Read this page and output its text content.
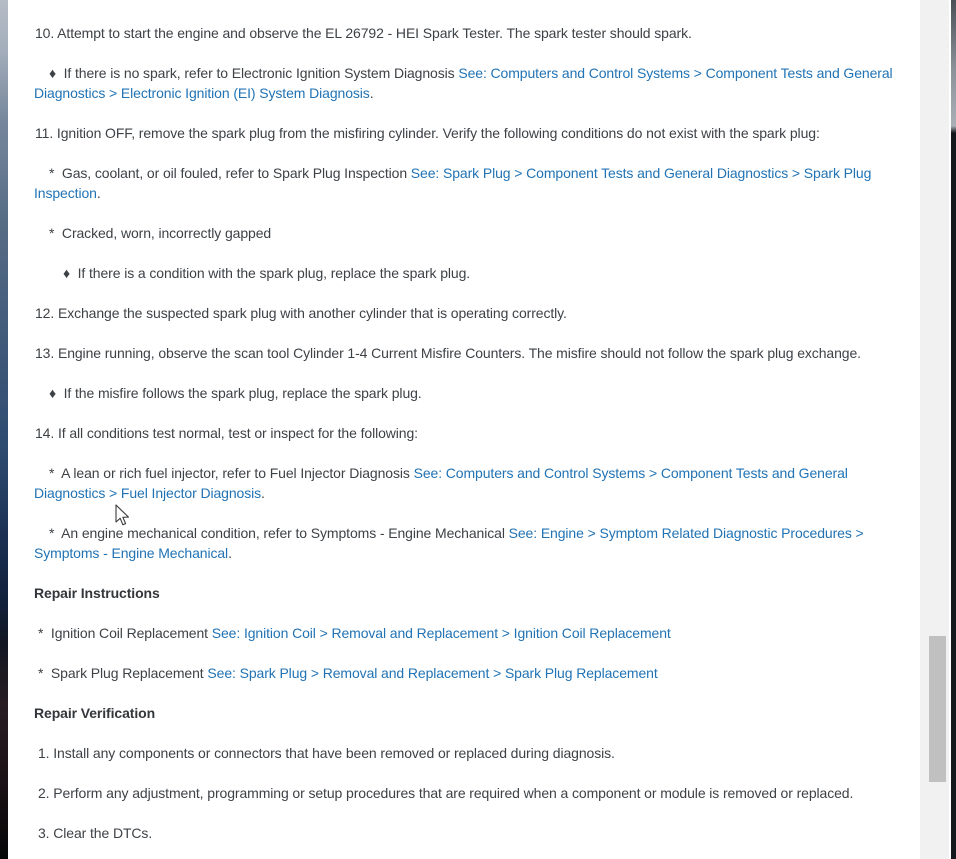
10. Attempt to start the engine and observe the EL 26792 - HEI Spark Tester. The spark tester should spark.

♦  If there is no spark, refer to Electronic Ignition System Diagnosis See: Computers and Control Systems > Component Tests and General Diagnostics > Electronic Ignition (EI) System Diagnosis.

11. Ignition OFF, remove the spark plug from the misfiring cylinder. Verify the following conditions do not exist with the spark plug:

*  Gas, coolant, or oil fouled, refer to Spark Plug Inspection See: Spark Plug > Component Tests and General Diagnostics > Spark Plug Inspection.

*  Cracked, worn, incorrectly gapped

♦  If there is a condition with the spark plug, replace the spark plug.

12. Exchange the suspected spark plug with another cylinder that is operating correctly.

13. Engine running, observe the scan tool Cylinder 1-4 Current Misfire Counters. The misfire should not follow the spark plug exchange.

♦  If the misfire follows the spark plug, replace the spark plug.

14. If all conditions test normal, test or inspect for the following:

*  A lean or rich fuel injector, refer to Fuel Injector Diagnosis See: Computers and Control Systems > Component Tests and General Diagnostics > Fuel Injector Diagnosis.

*  An engine mechanical condition, refer to Symptoms - Engine Mechanical See: Engine > Symptom Related Diagnostic Procedures > Symptoms - Engine Mechanical.

Repair Instructions

*  Ignition Coil Replacement See: Ignition Coil > Removal and Replacement > Ignition Coil Replacement

*  Spark Plug Replacement See: Spark Plug > Removal and Replacement > Spark Plug Replacement

Repair Verification

1. Install any components or connectors that have been removed or replaced during diagnosis.

2. Perform any adjustment, programming or setup procedures that are required when a component or module is removed or replaced.

3. Clear the DTCs.
